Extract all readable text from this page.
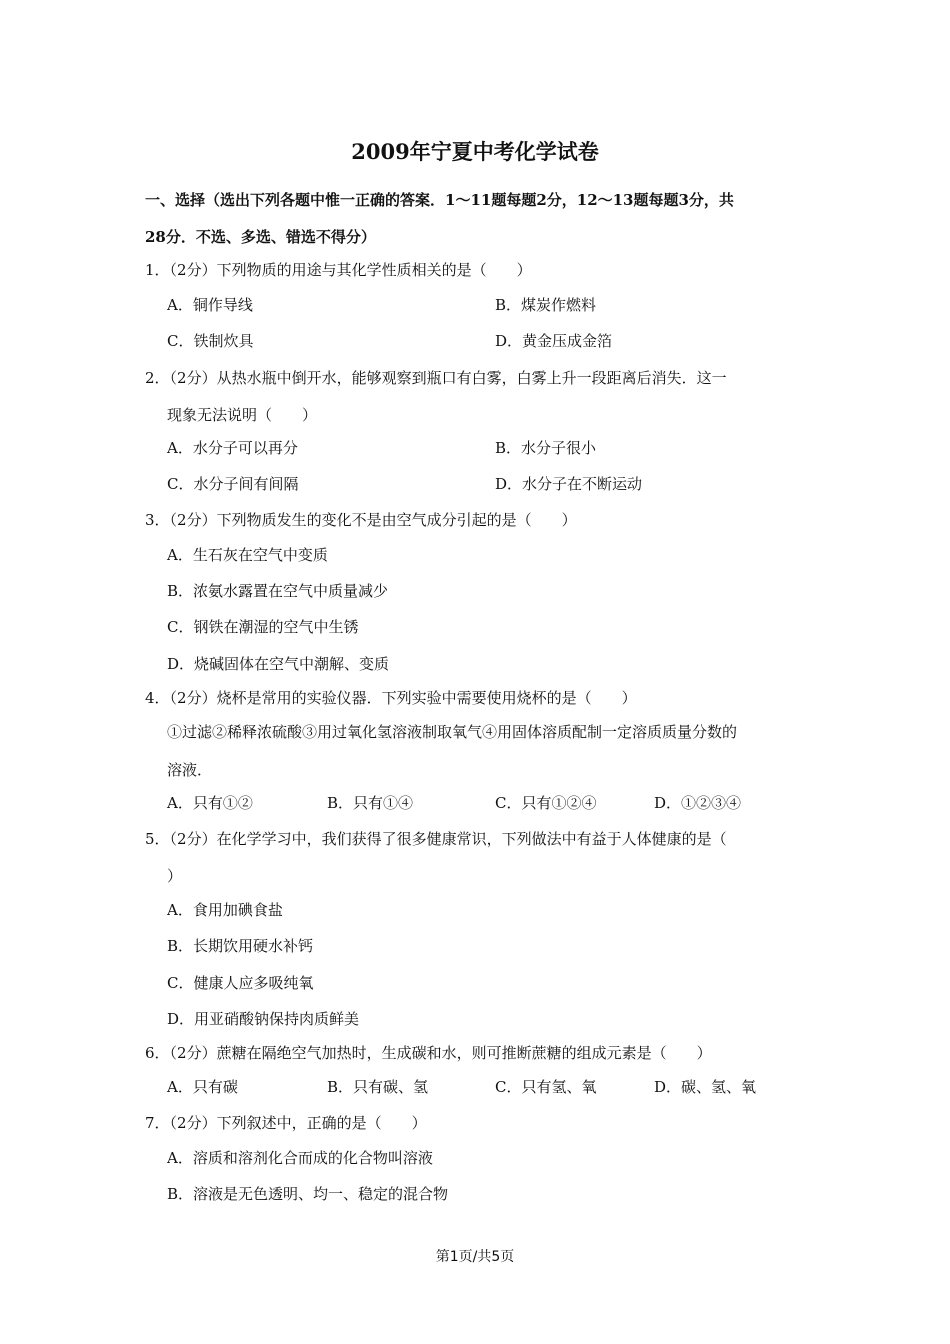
2009年宁夏中考化学试卷
一、选择（选出下列各题中惟一正确的答案．1～11题每题2分，12～13题每题3分，共
28分．不选、多选、错选不得分）
1．（2分）下列物质的用途与其化学性质相关的是（　　）
A．铜作导线	B．煤炭作燃料
C．铁制炊具	D．黄金压成金箔
2．（2分）从热水瓶中倒开水，能够观察到瓶口有白雾，白雾上升一段距离后消失．这一
现象无法说明（　　）
A．水分子可以再分	B．水分子很小
C．水分子间有间隔	D．水分子在不断运动
3．（2分）下列物质发生的变化不是由空气成分引起的是（　　）
A．生石灰在空气中变质
B．浓氨水露置在空气中质量减少
C．钢铁在潮湿的空气中生锈
D．烧碱固体在空气中潮解、变质
4．（2分）烧杯是常用的实验仪器．下列实验中需要使用烧杯的是（　　）
①过滤②稀释浓硫酸③用过氧化氢溶液制取氧气④用固体溶质配制一定溶质质量分数的
溶液．
A．只有①②	B．只有①④	C．只有①②④	D．①②③④
5．（2分）在化学学习中，我们获得了很多健康常识，下列做法中有益于人体健康的是（
）
A．食用加碘食盐
B．长期饮用硬水补钙
C．健康人应多吸纯氧
D．用亚硝酸钠保持肉质鲜美
6．（2分）蔗糖在隔绝空气加热时，生成碳和水，则可推断蔗糖的组成元素是（　　）
A．只有碳	B．只有碳、氢	C．只有氢、氧	D．碳、氢、氧
7．（2分）下列叙述中，正确的是（　　）
A．溶质和溶剂化合而成的化合物叫溶液
B．溶液是无色透明、均一、稳定的混合物
第1页/共5页
